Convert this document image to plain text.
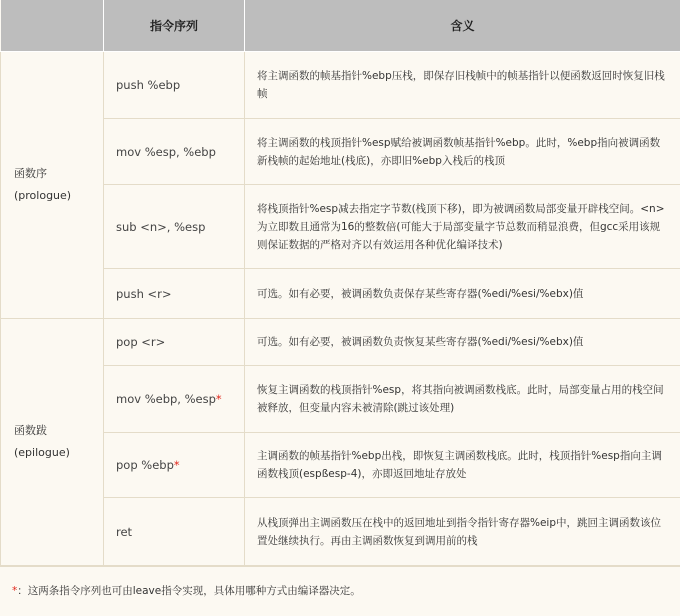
	指令序列	含义

函数序
(prologue)	push %ebp	将主调函数的帧基指针%ebp压栈，即保存旧栈帧中的帧基指针以便函数返回时恢复旧栈帧
	mov %esp, %ebp	将主调函数的栈顶指针%esp赋给被调函数帧基指针%ebp。此时，%ebp指向被调函数新栈帧的起始地址(栈底)，亦即旧%ebp入栈后的栈顶
	sub <n>, %esp	将栈顶指针%esp减去指定字节数(栈顶下移)，即为被调函数局部变量开辟栈空间。<n>为立即数且通常为16的整数倍(可能大于局部变量字节总数而稍显浪费，但gcc采用该规则保证数据的严格对齐以有效运用各种优化编译技术)
	push <r>	可选。如有必要，被调函数负责保存某些寄存器(%edi/%esi/%ebx)值

函数跋
(epilogue)	pop <r>	可选。如有必要，被调函数负责恢复某些寄存器(%edi/%esi/%ebx)值
	mov %ebp, %esp*	恢复主调函数的栈顶指针%esp，将其指向被调函数栈底。此时，局部变量占用的栈空间被释放，但变量内容未被清除(跳过该处理)
	pop %ebp*	主调函数的帧基指针%ebp出栈，即恢复主调函数栈底。此时，栈顶指针%esp指向主调函数栈顶(espßesp-4)，亦即返回地址存放处
	ret	从栈顶弹出主调函数压在栈中的返回地址到指令指针寄存器%eip中，跳回主调函数该位置处继续执行。再由主调函数恢复到调用前的栈
* ：这两条指令序列也可由leave指令实现，具体用哪种方式由编译器决定。
